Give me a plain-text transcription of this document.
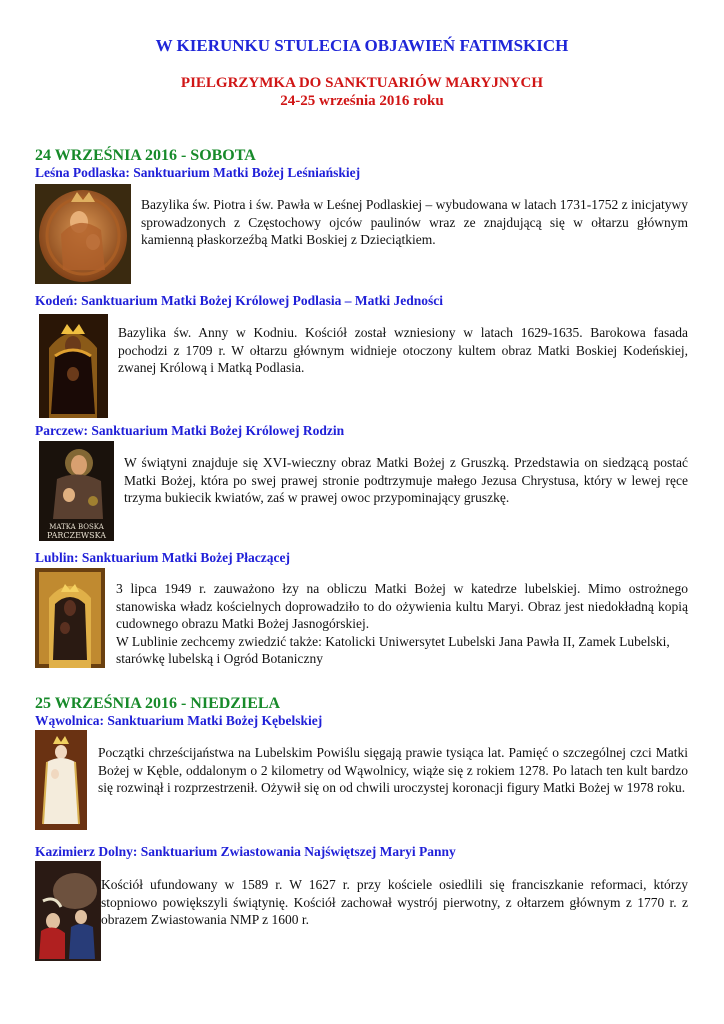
W KIERUNKU STULECIA OBJAWIEŃ FATIMSKICH
PIELGRZYMKA DO SANKTUARIÓW MARYJNYCH
24-25 września 2016 roku
24 WRZEŚNIA 2016 - SOBOTA
Leśna Podlaska: Sanktuarium Matki Bożej Leśniańskiej

Bazylika św. Piotra i św. Pawła w Leśnej Podlaskiej – wybudowana w latach 1731-1752 z inicjatywy sprowadzonych z Częstochowy ojców paulinów wraz ze znajdującą się w ołtarzu głównym kamienną płaskorzeźbą Matki Boskiej z Dzieciątkiem.

Kodeń: Sanktuarium Matki Bożej Królowej Podlasia – Matki Jedności

Bazylika św. Anny w Kodniu. Kościół został wzniesiony w latach 1629-1635. Barokowa fasada pochodzi z 1709 r. W ołtarzu głównym widnieje otoczony kultem obraz Matki Boskiej Kodeńskiej, zwanej Królową i Matką Podlasia.

Parczew: Sanktuarium Matki Bożej Królowej Rodzin
MATKA BOSKA
PARCZEWSKA

W świątyni znajduje się XVI-wieczny obraz Matki Bożej z Gruszką. Przedstawia on siedzącą postać Matki Bożej, która po swej prawej stronie podtrzymuje małego Jezusa Chrystusa, który w lewej ręce trzyma bukiecik kwiatów, zaś w prawej owoc przypominający gruszkę.

Lublin: Sanktuarium Matki Bożej Płaczącej

3 lipca 1949 r. zauważono łzy na obliczu Matki Bożej w katedrze lubelskiej. Mimo ostrożnego stanowiska władz kościelnych doprowadziło to do ożywienia kultu Maryi. Obraz jest niedokładną kopią cudownego obrazu Matki Bożej Jasnogórskiej.

W Lublinie zechcemy zwiedzić także: Katolicki Uniwersytet Lubelski Jana Pawła II, Zamek Lubelski, starówkę lubelską i Ogród Botaniczny

25 WRZEŚNIA 2016 - NIEDZIELA
Wąwolnica: Sanktuarium Matki Bożej Kębelskiej

Początki chrześcijaństwa na Lubelskim Powiślu sięgają prawie tysiąca lat. Pamięć o szczególnej czci Matki Bożej w Kęble, oddalonym o 2 kilometry od Wąwolnicy, wiąże się z rokiem 1278. Po latach ten kult bardzo się rozwinął i rozprzestrzenił. Ożywił się on od chwili uroczystej koronacji figury Matki Bożej w 1978 roku.

Kazimierz Dolny: Sanktuarium Zwiastowania Najświętszej Maryi Panny

Kościół ufundowany w 1589 r. W 1627 r. przy kościele osiedlili się franciszkanie reformaci, którzy stopniowo powiększyli świątynię. Kościół zachował wystrój pierwotny, z ołtarzem głównym z 1770 r. z obrazem Zwiastowania NMP z 1600 r.
